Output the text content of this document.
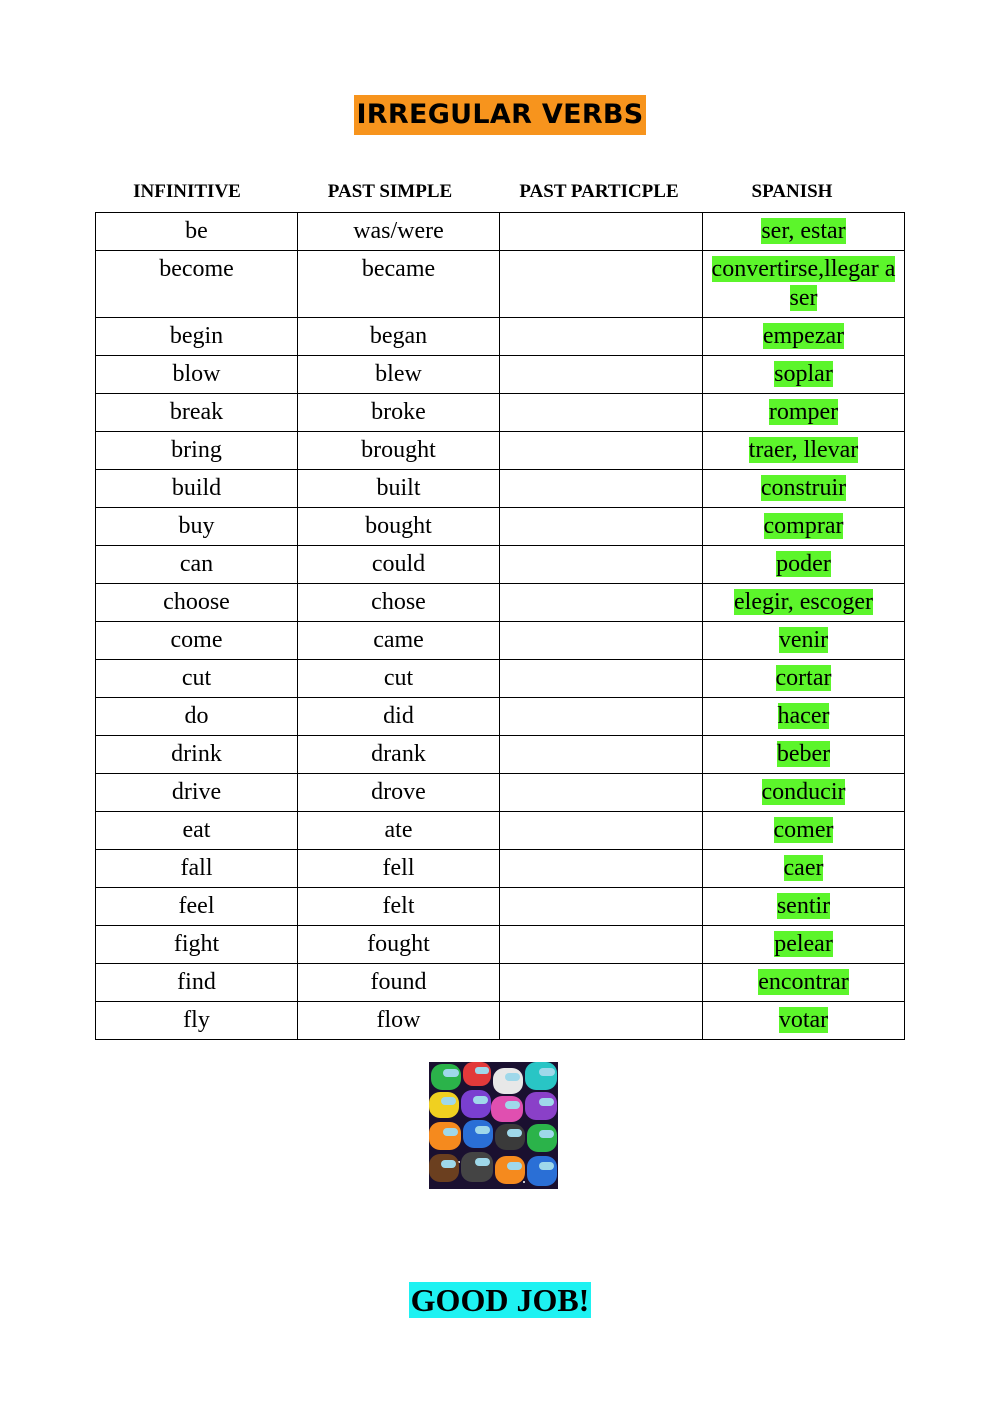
IRREGULAR VERBS
INFINITIVE	PAST SIMPLE	PAST PARTICPLE	SPANISH
be	was/were		ser, estar
become	became		convertirse,llegar a ser
begin	began		empezar
blow	blew		soplar
break	broke		romper
bring	brought		traer, llevar
build	built		construir
buy	bought		comprar
can	could		poder
choose	chose		elegir, escoger
come	came		venir
cut	cut		cortar
do	did		hacer
drink	drank		beber
drive	drove		conducir
eat	ate		comer
fall	fell		caer
feel	felt		sentir
fight	fought		pelear
find	found		encontrar
fly	flow		votar
GOOD JOB!
